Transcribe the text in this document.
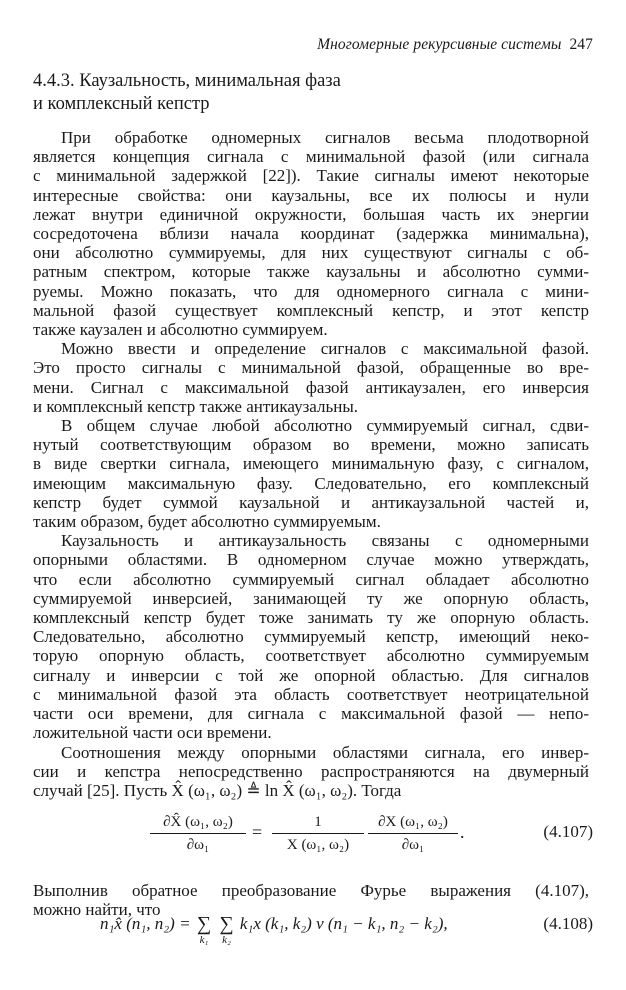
Многомерные рекурсивные системы 247
4.4.3. Каузальность, минимальная фаза
и комплексный кепстр

При обработке одномерных сигналов весьма плодотворной
является концепция сигнала с минимальной фазой (или сигнала
с минимальной задержкой [22]). Такие сигналы имеют некоторые
интересные свойства: они каузальны, все их полюсы и нули
лежат внутри единичной окружности, большая часть их энергии
сосредоточена вблизи начала координат (задержка минимальна),
они абсолютно суммируемы, для них существуют сигналы с об-
ратным спектром, которые также каузальны и абсолютно сумми-
руемы. Можно показать, что для одномерного сигнала с мини-
мальной фазой существует комплексный кепстр, и этот кепстр
также каузален и абсолютно суммируем.

Можно ввести и определение сигналов с максимальной фазой.
Это просто сигналы с минимальной фазой, обращенные во вре-
мени. Сигнал с максимальной фазой антикаузален, его инверсия
и комплексный кепстр также антикаузальны.

В общем случае любой абсолютно суммируемый сигнал, сдви-
нутый соответствующим образом во времени, можно записать
в виде свертки сигнала, имеющего минимальную фазу, с сигналом,
имеющим максимальную фазу. Следовательно, его комплексный
кепстр будет суммой каузальной и антикаузальной частей и,
таким образом, будет абсолютно суммируемым.

Каузальность и антикаузальность связаны с одномерными
опорными областями. В одномерном случае можно утверждать,
что если абсолютно суммируемый сигнал обладает абсолютно
суммируемой инверсией, занимающей ту же опорную область,
комплексный кепстр будет тоже занимать ту же опорную область.
Следовательно, абсолютно суммируемый кепстр, имеющий неко-
торую опорную область, соответствует абсолютно суммируемым
сигналу и инверсии с той же опорной областью. Для сигналов
с минимальной фазой эта область соответствует неотрицательной
части оси времени, для сигнала с максимальной фазой — непо-
ложительной части оси времени.

Соотношения между опорными областями сигнала, его инвер-
сии и кепстра непосредственно распространяются на двумерный
случай [25]. Пусть X̂ (ω₁, ω₂) ≜ ln X̂ (ω₁, ω₂). Тогда

∂X̂ (ω₁, ω₂)
∂ω₁
=	1
X (ω₁, ω₂)
∂X (ω₁, ω₂)
∂ω₁
.	(4.107)

Выполнив обратное преобразование Фурье выражения (4.107),
можно найти, что

n₁x̂ (n₁, n₂) = ∑
k₁

∑
k₂
k₁x (k₁, k₂) v (n₁ − k₁, n₂ − k₂),	(4.108)
